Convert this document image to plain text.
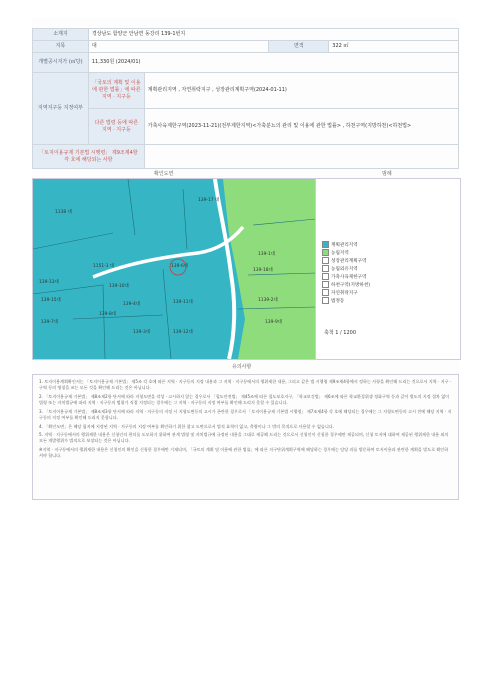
소재지	경상남도 함양군 안남면 동강리 139-1번지			
지목	대		면적	322 ㎡
개별공시지가 (㎡당)	11,330원 (2024/01)			
지역지구등 지정여부	「국토의 계획 및 이용에 관한 법률」에 따른 지역 · 지구등	계획관리지역 , 자연취락지구 , 성장관리계획구역(2024-01-11)		

	다른 법령 등에 따른 지역 · 지구등	가축사육제한구역(2023-11-21)(전부제한지역)<가축분뇨의 관리 및 이용에 관한 법률> , 하천구역(지방하천)<하천법>		

「토지이용규제 기본법 시행령」 제9조제4항 각 호에 해당되는 사항				

확인도면	범례
139-17 대
1138 대
139-1대
1151-1 대	139-6대
139-18대
139-13대
139-10대
139-15대	1139-2대
139-4대	139-11대
139-8대
139-7대	139-9대
139-3대	139-12대
계획관리지역
농림지역
성장관리계획구역
농림외유지역
가축사육제한구역
하천구역(지방하천)
자연취락지구
법정동
축척 1 / 1200
유의사항

1. 토지이용계획확인서는 「토지이용규제 기본법」 제5조 각 호에 따른 지역 · 지구등의 지정 내용과 그 지역 · 지구등에서의 행위제한 내용, 그리고 같은 법 시행령 제9조제4항에서 정하는 사항을 확인해 드리는 것으로서 지역 · 지구 · 구역 등의 명칭을 쓰는 모든 것을 확인해 드리는 것은 아닙니다.

2. 「토지이용규제 기본법」 제8조제2항 단서에 따라 지형도면을 작성 · 고시하지 않는 경우로서 「철도안전법」 제45조에 따른 철도보호지구, 「학교보건법」 제6조에 따른 학교환경위생 정화구역 등과 같이 별도의 지정 절차 없이 법령 또는 자치법규에 따라 지역 · 지구등의 범위가 직접 지정되는 경우에는 그 지역 · 지구등의 지정 여부를 확인해 드리지 못할 수 있습니다.

3. 「토지이용규제 기본법」 제8조제3항 단서에 따라 지역 · 지구등의 지정 시 지형도면등의 고시가 곤란한 경우로서 「토지이용규제 기본법 시행령」 제7조제4항 각 호에 해당되는 경우에는 그 지형도면등의 고시 전에 해당 지역 · 지구등의 지정 여부를 확인해 드리지 못합니다.

4. 「확인도면」은 해당 필지에 지정된 지역 · 지구등의 지정 여부를 확인하기 위한 참고 도면으로서 법적 효력이 없고, 측량이나 그 밖의 목적으로 사용할 수 없습니다.

5. 지역 · 지구등에서의 행위제한 내용은 신청인의 편의를 도모하기 위하여 관계 법령 및 자치법규에 규정된 내용을 그대로 제공해 드리는 것으로서 신청인이 신청한 경우에만 제공되며, 신청 토지에 대하여 제공된 행위제한 내용 외의 모든 개발행위가 법적으로 보장되는 것은 아닙니다.

※지역 · 지구등에서의 행위제한 내용은 신청인의 확인을 신청한 경우에만 기재되며, 「국토의 계획 및 이용에 관한 법률」에 따른 지구단위계획구역에 해당하는 경우에는 담당 과를 방문하여 토지이용과 관련한 계획을 별도로 확인하셔야 합니다.
